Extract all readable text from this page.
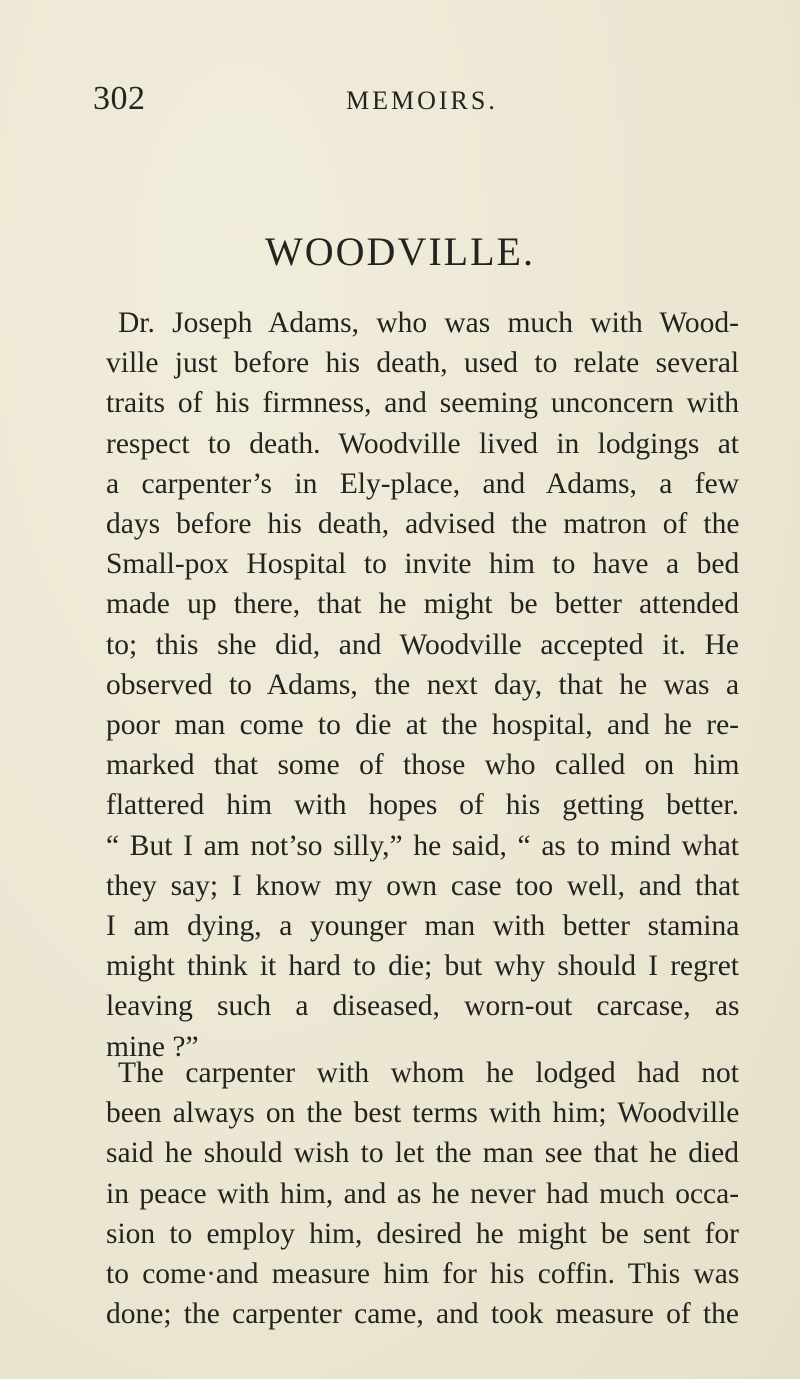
302	MEMOIRS.
WOODVILLE.
Dr. Joseph Adams, who was much with Wood-
ville just before his death, used to relate several
traits of his firmness, and seeming unconcern with
respect to death. Woodville lived in lodgings at
a carpenter’s in Ely-place, and Adams, a few
days before his death, advised the matron of the
Small-pox Hospital to invite him to have a bed
made up there, that he might be better attended
to; this she did, and Woodville accepted it. He
observed to Adams, the next day, that he was a
poor man come to die at the hospital, and he re-
marked that some of those who called on him
flattered him with hopes of his getting better.
“ But I am not’so silly,” he said, “ as to mind what
they say; I know my own case too well, and that
I am dying, a younger man with better stamina
might think it hard to die; but why should I regret
leaving such a diseased, worn-out carcase, as
mine ?”
The carpenter with whom he lodged had not
been always on the best terms with him; Woodville
said he should wish to let the man see that he died
in peace with him, and as he never had much occa-
sion to employ him, desired he might be sent for
to come·and measure him for his coffin. This was
done; the carpenter came, and took measure of the
